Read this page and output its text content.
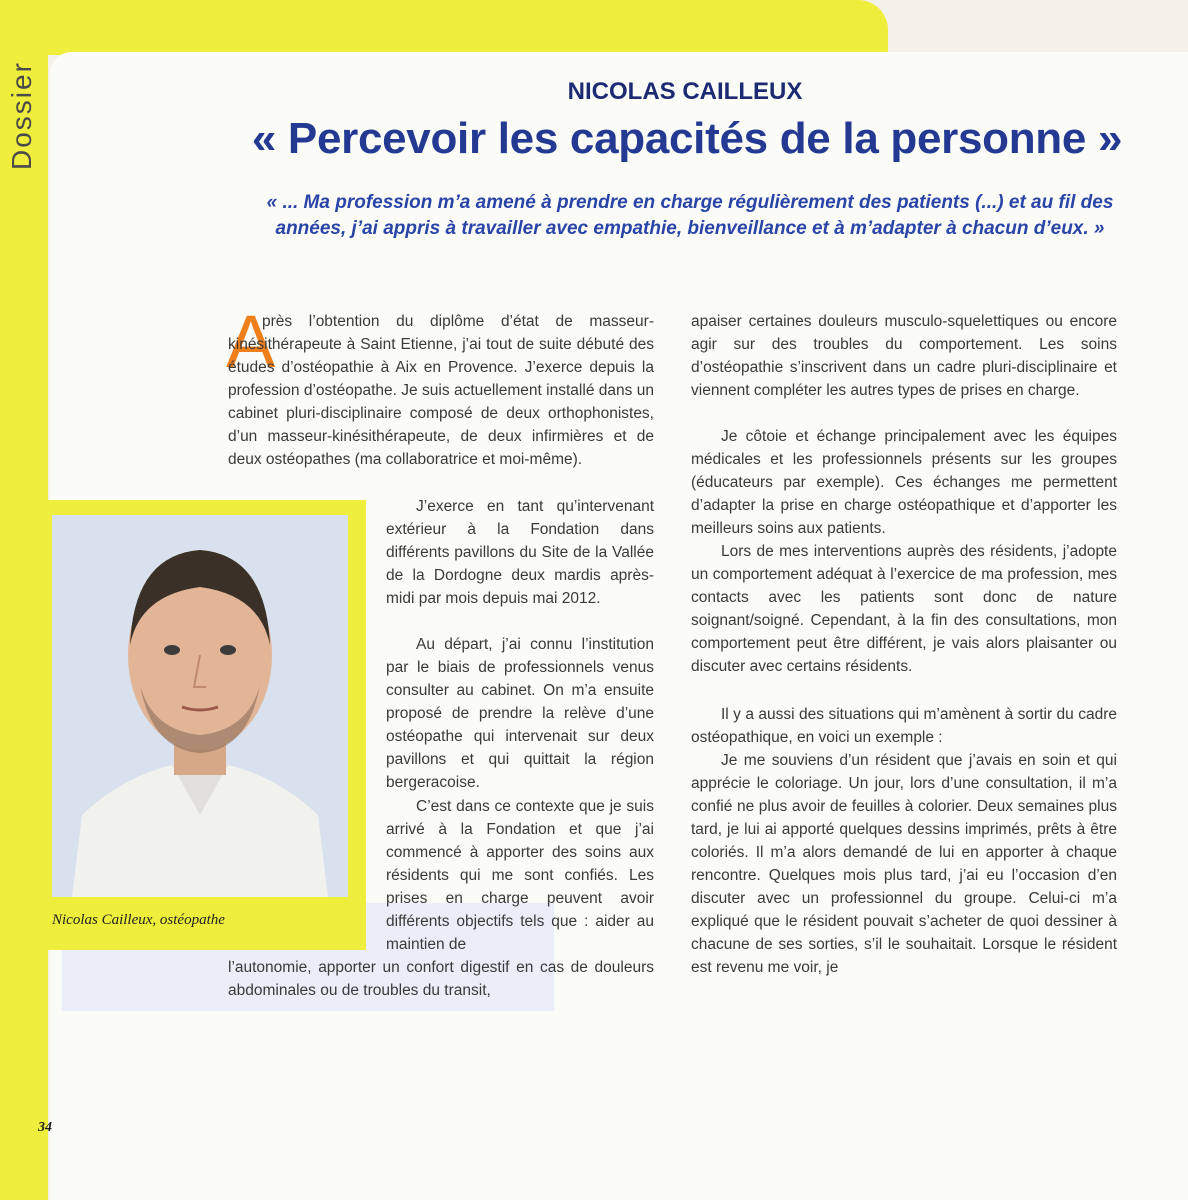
Dossier
34
NICOLAS CAILLEUX
« Percevoir les capacités de la personne »
« ... Ma profession m’a amené à prendre en charge régulièrement des patients (...) et au fil des années, j’ai appris à travailler avec empathie, bienveillance et à m’adapter à chacun d’eux. »
Nicolas Cailleux, ostéopathe
A

près l’obtention du diplôme d’état de masseur-kinésithérapeute à Saint Etienne, j’ai tout de suite débuté des études d’ostéopathie à Aix en Provence. J’exerce depuis la profession d’ostéopathe. Je suis actuellement installé dans un cabinet pluri-disciplinaire composé de deux orthophonistes, d’un masseur-kinésithérapeute, de deux infirmières et de deux ostéopathes (ma collaboratrice et moi-même).

J’exerce en tant qu’intervenant extérieur à la Fondation dans différents pavillons du Site de la Vallée de la Dordogne deux mardis après-midi par mois depuis mai 2012.

Au départ, j’ai connu l’institution par le biais de professionnels venus consulter au cabinet. On m’a ensuite proposé de prendre la relève d’une ostéopathe qui intervenait sur deux pavillons et qui quittait la région bergeracoise.

C’est dans ce contexte que je suis arrivé à la Fondation et que j’ai commencé à apporter des soins aux résidents qui me sont confiés. Les prises en charge peuvent avoir différents objectifs tels que : aider au maintien de

l’autonomie, apporter un confort digestif en cas de douleurs abdominales ou de troubles du transit,

apaiser certaines douleurs musculo-squelettiques ou encore agir sur des troubles du comportement. Les soins d’ostéopathie s’inscrivent dans un cadre pluri-disciplinaire et viennent compléter les autres types de prises en charge.

Je côtoie et échange principalement avec les équipes médicales et les professionnels présents sur les groupes (éducateurs par exemple). Ces échanges me permettent d’adapter la prise en charge ostéopathique et d’apporter les meilleurs soins aux patients.

Lors de mes interventions auprès des résidents, j’adopte un comportement adéquat à l’exercice de ma profession, mes contacts avec les patients sont donc de nature soignant/soigné. Cependant, à la fin des consultations, mon comportement peut être différent, je vais alors plaisanter ou discuter avec certains résidents.

Il y a aussi des situations qui m’amènent à sortir du cadre ostéopathique, en voici un exemple :

Je me souviens d’un résident que j’avais en soin et qui apprécie le coloriage. Un jour, lors d’une consultation, il m’a confié ne plus avoir de feuilles à colorier. Deux semaines plus tard, je lui ai apporté quelques dessins imprimés, prêts à être coloriés. Il m’a alors demandé de lui en apporter à chaque rencontre. Quelques mois plus tard, j’ai eu l’occasion d’en discuter avec un professionnel du groupe. Celui-ci m’a expliqué que le résident pouvait s’acheter de quoi dessiner à chacune de ses sorties, s’il le souhaitait. Lorsque le résident est revenu me voir, je
